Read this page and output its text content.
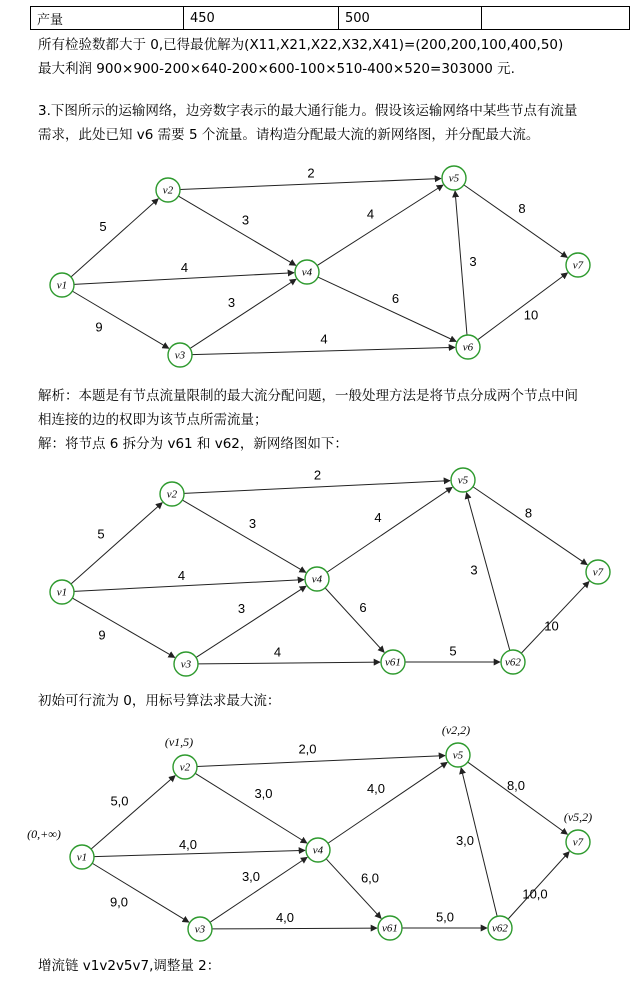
产量	450	500	
所有检验数都大于 0,已得最优解为(X11,X21,X22,X32,X41)=(200,200,100,400,50)
最大利润 900×900-200×640-200×600-100×510-400×520=303000 元.
3.下图所示的运输网络，边旁数字表示的最大通行能力。假设该运输网络中某些节点有流量
需求，此处已知 v6 需要 5 个流量。请构造分配最大流的新网络图，并分配最大流。
5
4
9
2
3
3
4
4
6
3
8
10
v1
v2
v3
v4
v5
v6
v7
5
4
9
2
3
3
4
4
6
5
3
8
10
v1
v2
v3
v4
v5
v61	v62
v7
5,0
4,0
9,0
2,0
3,0
3,0
4,0
4,0
6,0
5,0
3,0
8,0
10,0
v1
(0,+∞)
v2
(v1,5)
v3
v4
v5
(v2,2)
v61	v62
v7
(v5,2)
解析：本题是有节点流量限制的最大流分配问题，一般处理方法是将节点分成两个节点中间
相连接的边的权即为该节点所需流量；
解：将节点 6 拆分为 v61 和 v62，新网络图如下：
初始可行流为 0，用标号算法求最大流：
增流链 v1v2v5v7,调整量 2：
